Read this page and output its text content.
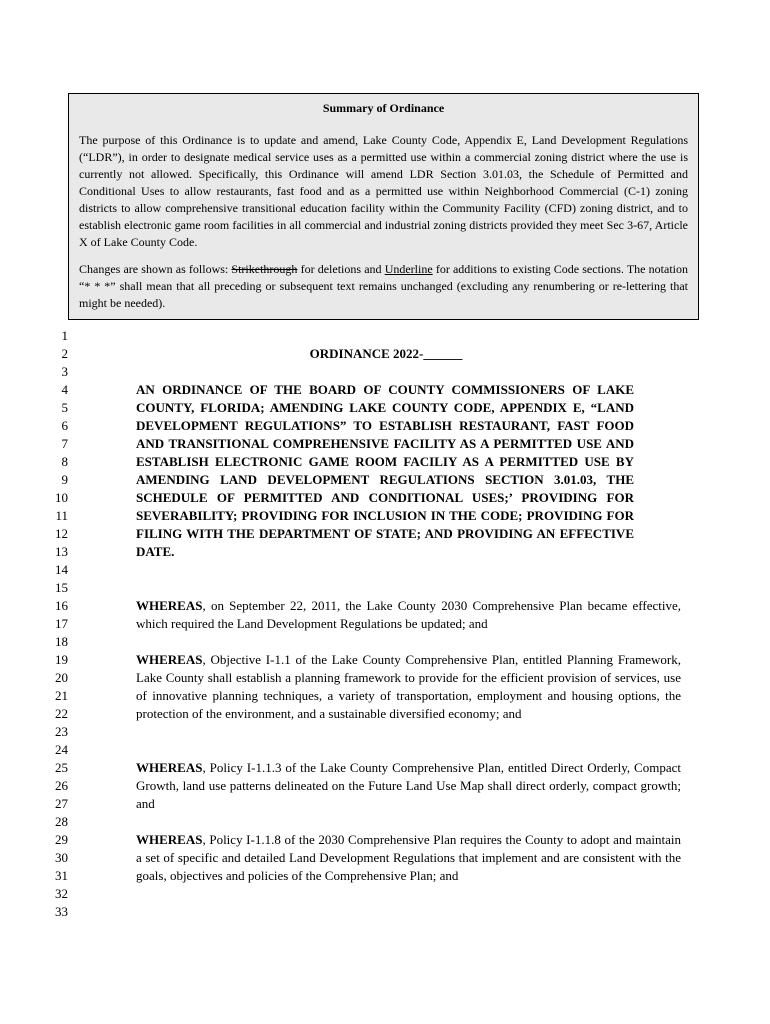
Summary of Ordinance

The purpose of this Ordinance is to update and amend, Lake County Code, Appendix E, Land Development Regulations (“LDR”), in order to designate medical service uses as a permitted use within a commercial zoning district where the use is currently not allowed. Specifically, this Ordinance will amend LDR Section 3.01.03, the Schedule of Permitted and Conditional Uses to allow restaurants, fast food and as a permitted use within Neighborhood Commercial (C-1) zoning districts to allow comprehensive transitional education facility within the Community Facility (CFD) zoning district, and to establish electronic game room facilities in all commercial and industrial zoning districts provided they meet Sec 3-67, Article X of Lake County Code.

Changes are shown as follows: Strikethrough for deletions and Underline for additions to existing Code sections. The notation “* * *” shall mean that all preceding or subsequent text remains unchanged (excluding any renumbering or re-lettering that might be needed).

1
2
3
4
5
6
7
8
9
10
11
12
13
14
15
16
17
18
19
20
21
22
23
24
25
26
27
28
29
30
31
32
33
ORDINANCE 2022-______

AN ORDINANCE OF THE BOARD OF COUNTY COMMISSIONERS OF LAKE COUNTY, FLORIDA; AMENDING LAKE COUNTY CODE, APPENDIX E, “LAND DEVELOPMENT REGULATIONS” TO ESTABLISH RESTAURANT, FAST FOOD AND TRANSITIONAL COMPREHENSIVE FACILITY AS A PERMITTED USE AND ESTABLISH ELECTRONIC GAME ROOM FACILIY AS A PERMITTED USE BY AMENDING LAND DEVELOPMENT REGULATIONS SECTION 3.01.03, THE SCHEDULE OF PERMITTED AND CONDITIONAL USES;’ PROVIDING FOR SEVERABILITY; PROVIDING FOR INCLUSION IN THE CODE; PROVIDING FOR FILING WITH THE DEPARTMENT OF STATE; AND PROVIDING AN EFFECTIVE DATE.

WHEREAS, on September 22, 2011, the Lake County 2030 Comprehensive Plan became effective, which required the Land Development Regulations be updated; and

WHEREAS, Objective I-1.1 of the Lake County Comprehensive Plan, entitled Planning Framework, Lake County shall establish a planning framework to provide for the efficient provision of services, use of innovative planning techniques, a variety of transportation, employment and housing options, the protection of the environment, and a sustainable diversified economy; and

WHEREAS, Policy I-1.1.3 of the Lake County Comprehensive Plan, entitled Direct Orderly, Compact Growth, land use patterns delineated on the Future Land Use Map shall direct orderly, compact growth; and

WHEREAS, Policy I-1.1.8 of the 2030 Comprehensive Plan requires the County to adopt and maintain a set of specific and detailed Land Development Regulations that implement and are consistent with the goals, objectives and policies of the Comprehensive Plan; and
